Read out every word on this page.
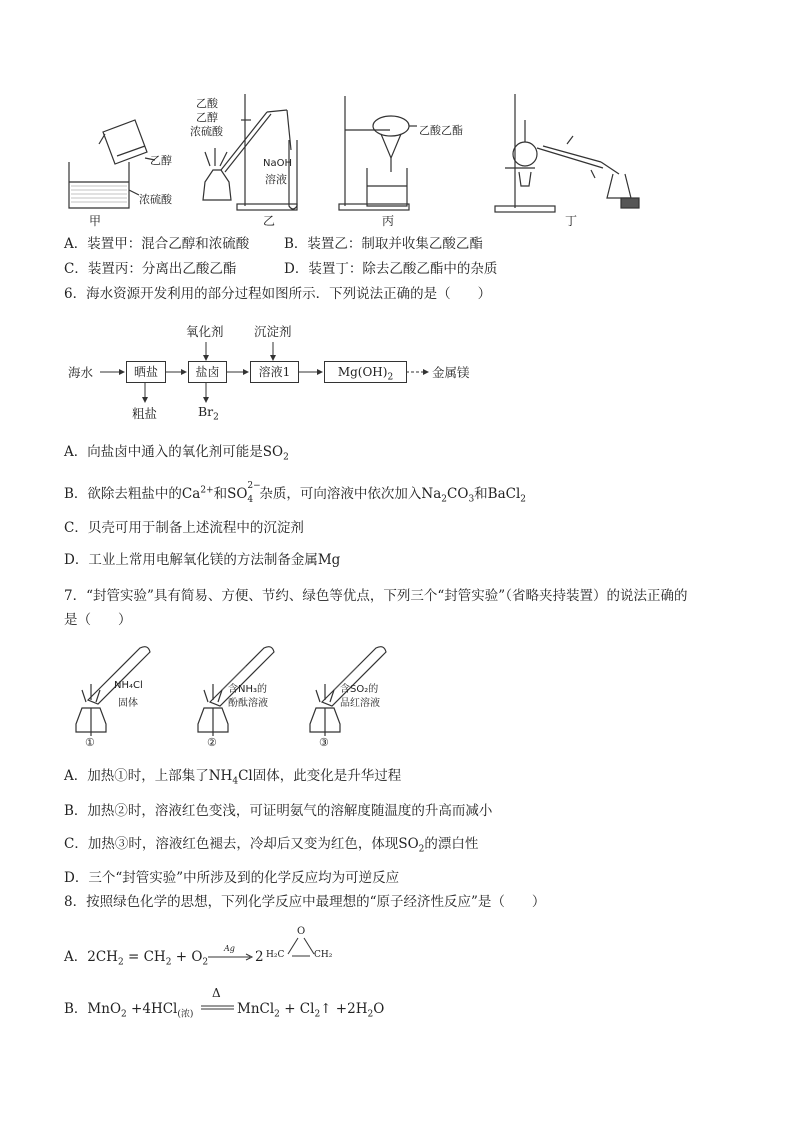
乙醇
浓硫酸
甲
乙酸
乙醇
浓硫酸
NaOH
溶液
乙
乙酸乙酯
丙	丁
A．装置甲：混合乙醇和浓硫酸	B．装置乙：制取并收集乙酸乙酯
C．装置丙：分离出乙酸乙酯	D．装置丁：除去乙酸乙酯中的杂质
6．海水资源开发利用的部分过程如图所示．下列说法正确的是（　　）
海水	晒盐
粗盐
氧化剂
盐卤
$Br_2$
沉淀剂
溶液1	$Mg(OH)_2$	金属镁
A．向盐卤中通入的氧化剂可能是$SO_2$
B．欲除去粗盐中的$Ca^{2+}$和SO 2−
4 杂质，可向溶液中依次加入$Na_2CO_3$和BaCl$_2$
C．贝壳可用于制备上述流程中的沉淀剂
D．工业上常用电解氧化镁的方法制备金属Mg
7．“封管实验”具有简易、方便、节约、绿色等优点，下列三个“封管实验”（省略夹持装置）的说法正确的
是（　　）
NH₄Cl
固体
①
含NH₃的
酚酞溶液
②
含SO₂的
品红溶液
③
A．加热①时，上部集了$NH_4Cl$固体，此变化是升华过程
B．加热②时，溶液红色变浅，可证明氨气的溶解度随温度的升高而减小
C．加热③时，溶液红色褪去，冷却后又变为红色，体现$SO_2$的漂白性
D．三个“封管实验”中所涉及到的化学反应均为可逆反应
8．按照绿色化学的思想，下列化学反应中最理想的“原子经济性反应”是（　　）
A．$2CH_2 = CH_2 + O_2$
Ag
2
O
H₂C	CH₂
B．MnO$_2$ +4HCl$_{(浓)}$
Δ
MnCl$_2$ + $Cl_2↑ +2H_2O$
